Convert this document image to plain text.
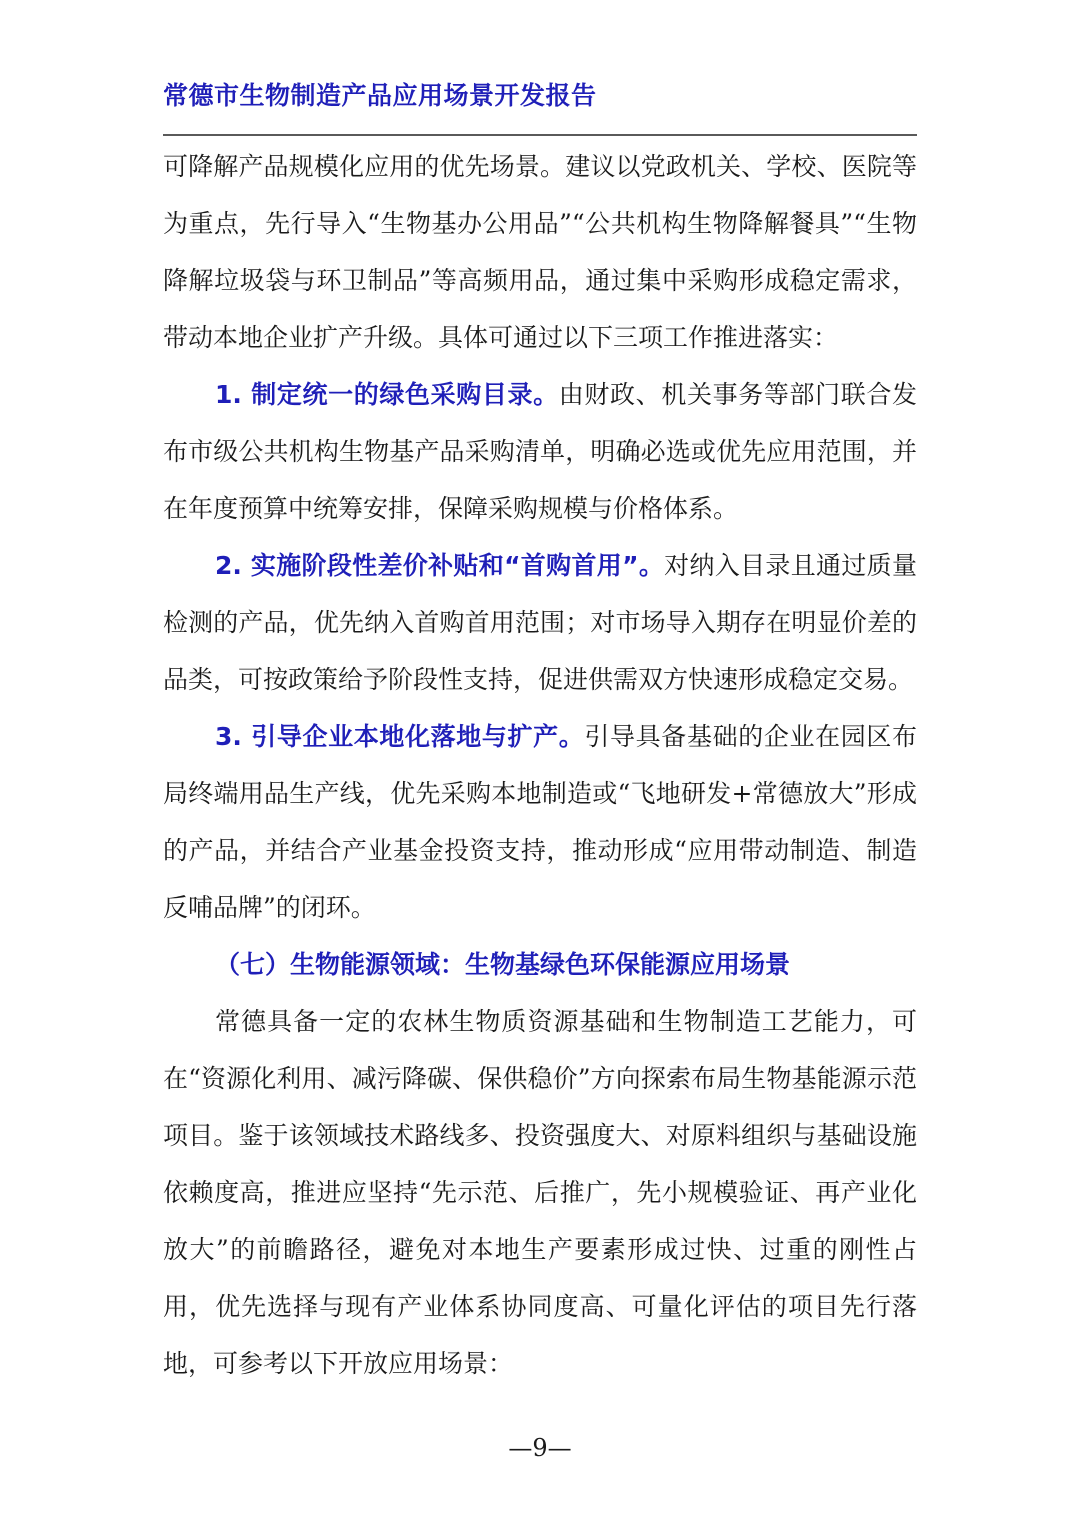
常德市生物制造产品应用场景开发报告

可降解产品规模化应用的优先场景。建议以党政机关、学校、医院等为重点，先行导入“生物基办公用品”“公共机构生物降解餐具”“生物降解垃圾袋与环卫制品”等高频用品，通过集中采购形成稳定需求，带动本地企业扩产升级。具体可通过以下三项工作推进落实：

1. 制定统一的绿色采购目录。由财政、机关事务等部门联合发布市级公共机构生物基产品采购清单，明确必选或优先应用范围，并在年度预算中统筹安排，保障采购规模与价格体系。

2. 实施阶段性差价补贴和“首购首用”。对纳入目录且通过质量检测的产品，优先纳入首购首用范围；对市场导入期存在明显价差的品类，可按政策给予阶段性支持，促进供需双方快速形成稳定交易。

3. 引导企业本地化落地与扩产。引导具备基础的企业在园区布局终端用品生产线，优先采购本地制造或“飞地研发+常德放大”形成的产品，并结合产业基金投资支持，推动形成“应用带动制造、制造反哺品牌”的闭环。

（七）生物能源领域：生物基绿色环保能源应用场景

常德具备一定的农林生物质资源基础和生物制造工艺能力，可在“资源化利用、减污降碳、保供稳价”方向探索布局生物基能源示范项目。鉴于该领域技术路线多、投资强度大、对原料组织与基础设施依赖度高，推进应坚持“先示范、后推广，先小规模验证、再产业化放大”的前瞻路径，避免对本地生产要素形成过快、过重的刚性占用，优先选择与现有产业体系协同度高、可量化评估的项目先行落地，可参考以下开放应用场景：

—9—
